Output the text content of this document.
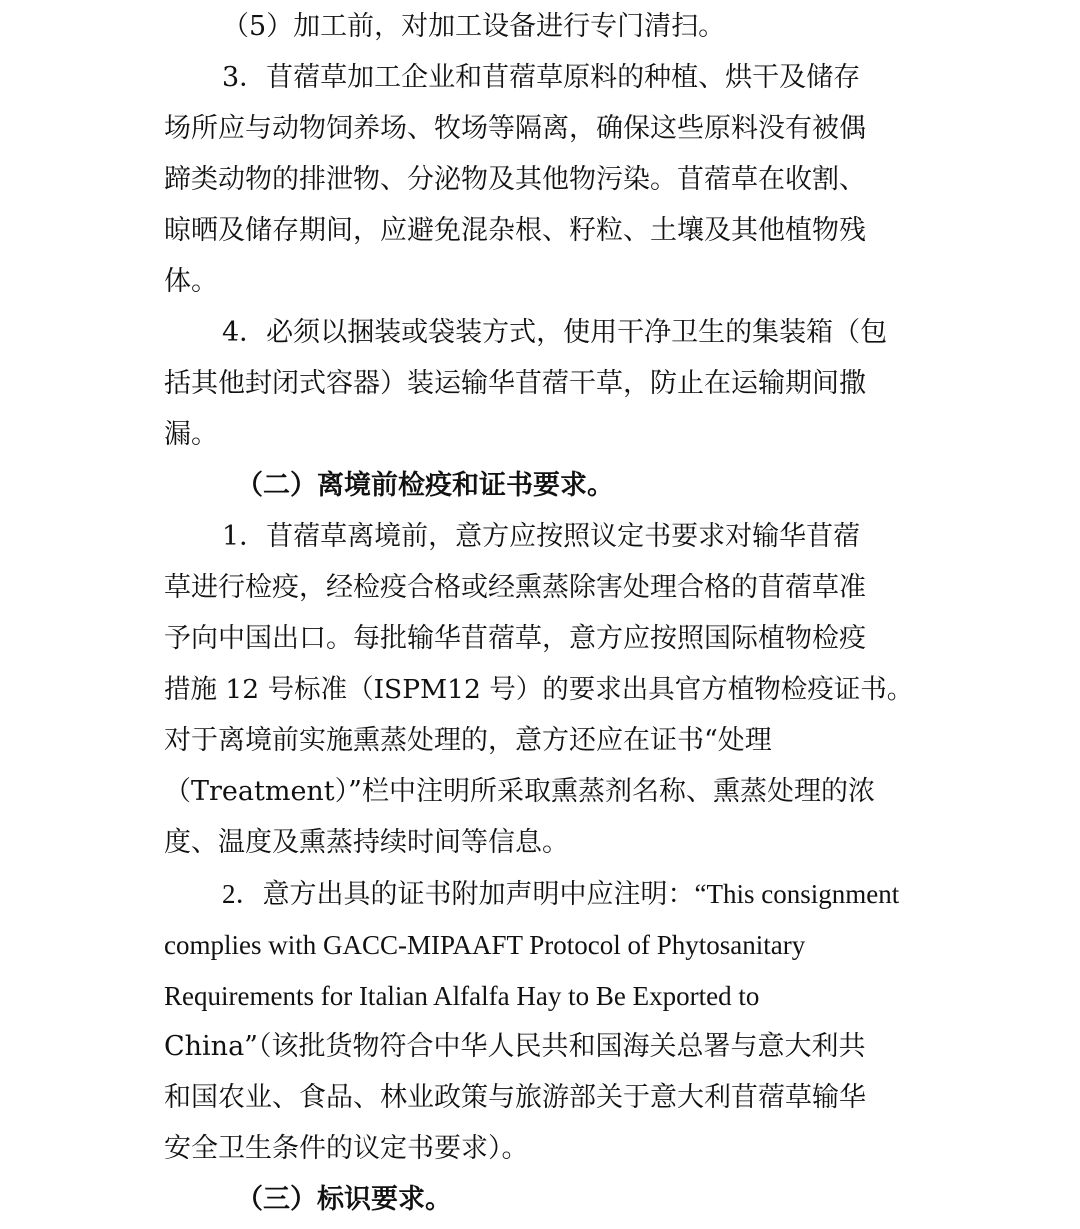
（5）加工前，对加工设备进行专门清扫。
3．苜蓿草加工企业和苜蓿草原料的种植、烘干及储存
场所应与动物饲养场、牧场等隔离，确保这些原料没有被偶
蹄类动物的排泄物、分泌物及其他物污染。苜蓿草在收割、
晾晒及储存期间，应避免混杂根、籽粒、土壤及其他植物残
体。
4．必须以捆装或袋装方式，使用干净卫生的集装箱（包
括其他封闭式容器）装运输华苜蓿干草，防止在运输期间撒
漏。
（二）离境前检疫和证书要求。
1．苜蓿草离境前，意方应按照议定书要求对输华苜蓿
草进行检疫，经检疫合格或经熏蒸除害处理合格的苜蓿草准
予向中国出口。每批输华苜蓿草，意方应按照国际植物检疫
措施 12 号标准（ISPM12 号）的要求出具官方植物检疫证书。
对于离境前实施熏蒸处理的，意方还应在证书“处理
（Treatment）”栏中注明所采取熏蒸剂名称、熏蒸处理的浓
度、温度及熏蒸持续时间等信息。
2．意方出具的证书附加声明中应注明：“This consignment
complies with GACC-MIPAAFT Protocol of Phytosanitary
Requirements for Italian Alfalfa Hay to Be Exported to
China”（该批货物符合中华人民共和国海关总署与意大利共
和国农业、食品、林业政策与旅游部关于意大利苜蓿草输华
安全卫生条件的议定书要求）。
（三）标识要求。
